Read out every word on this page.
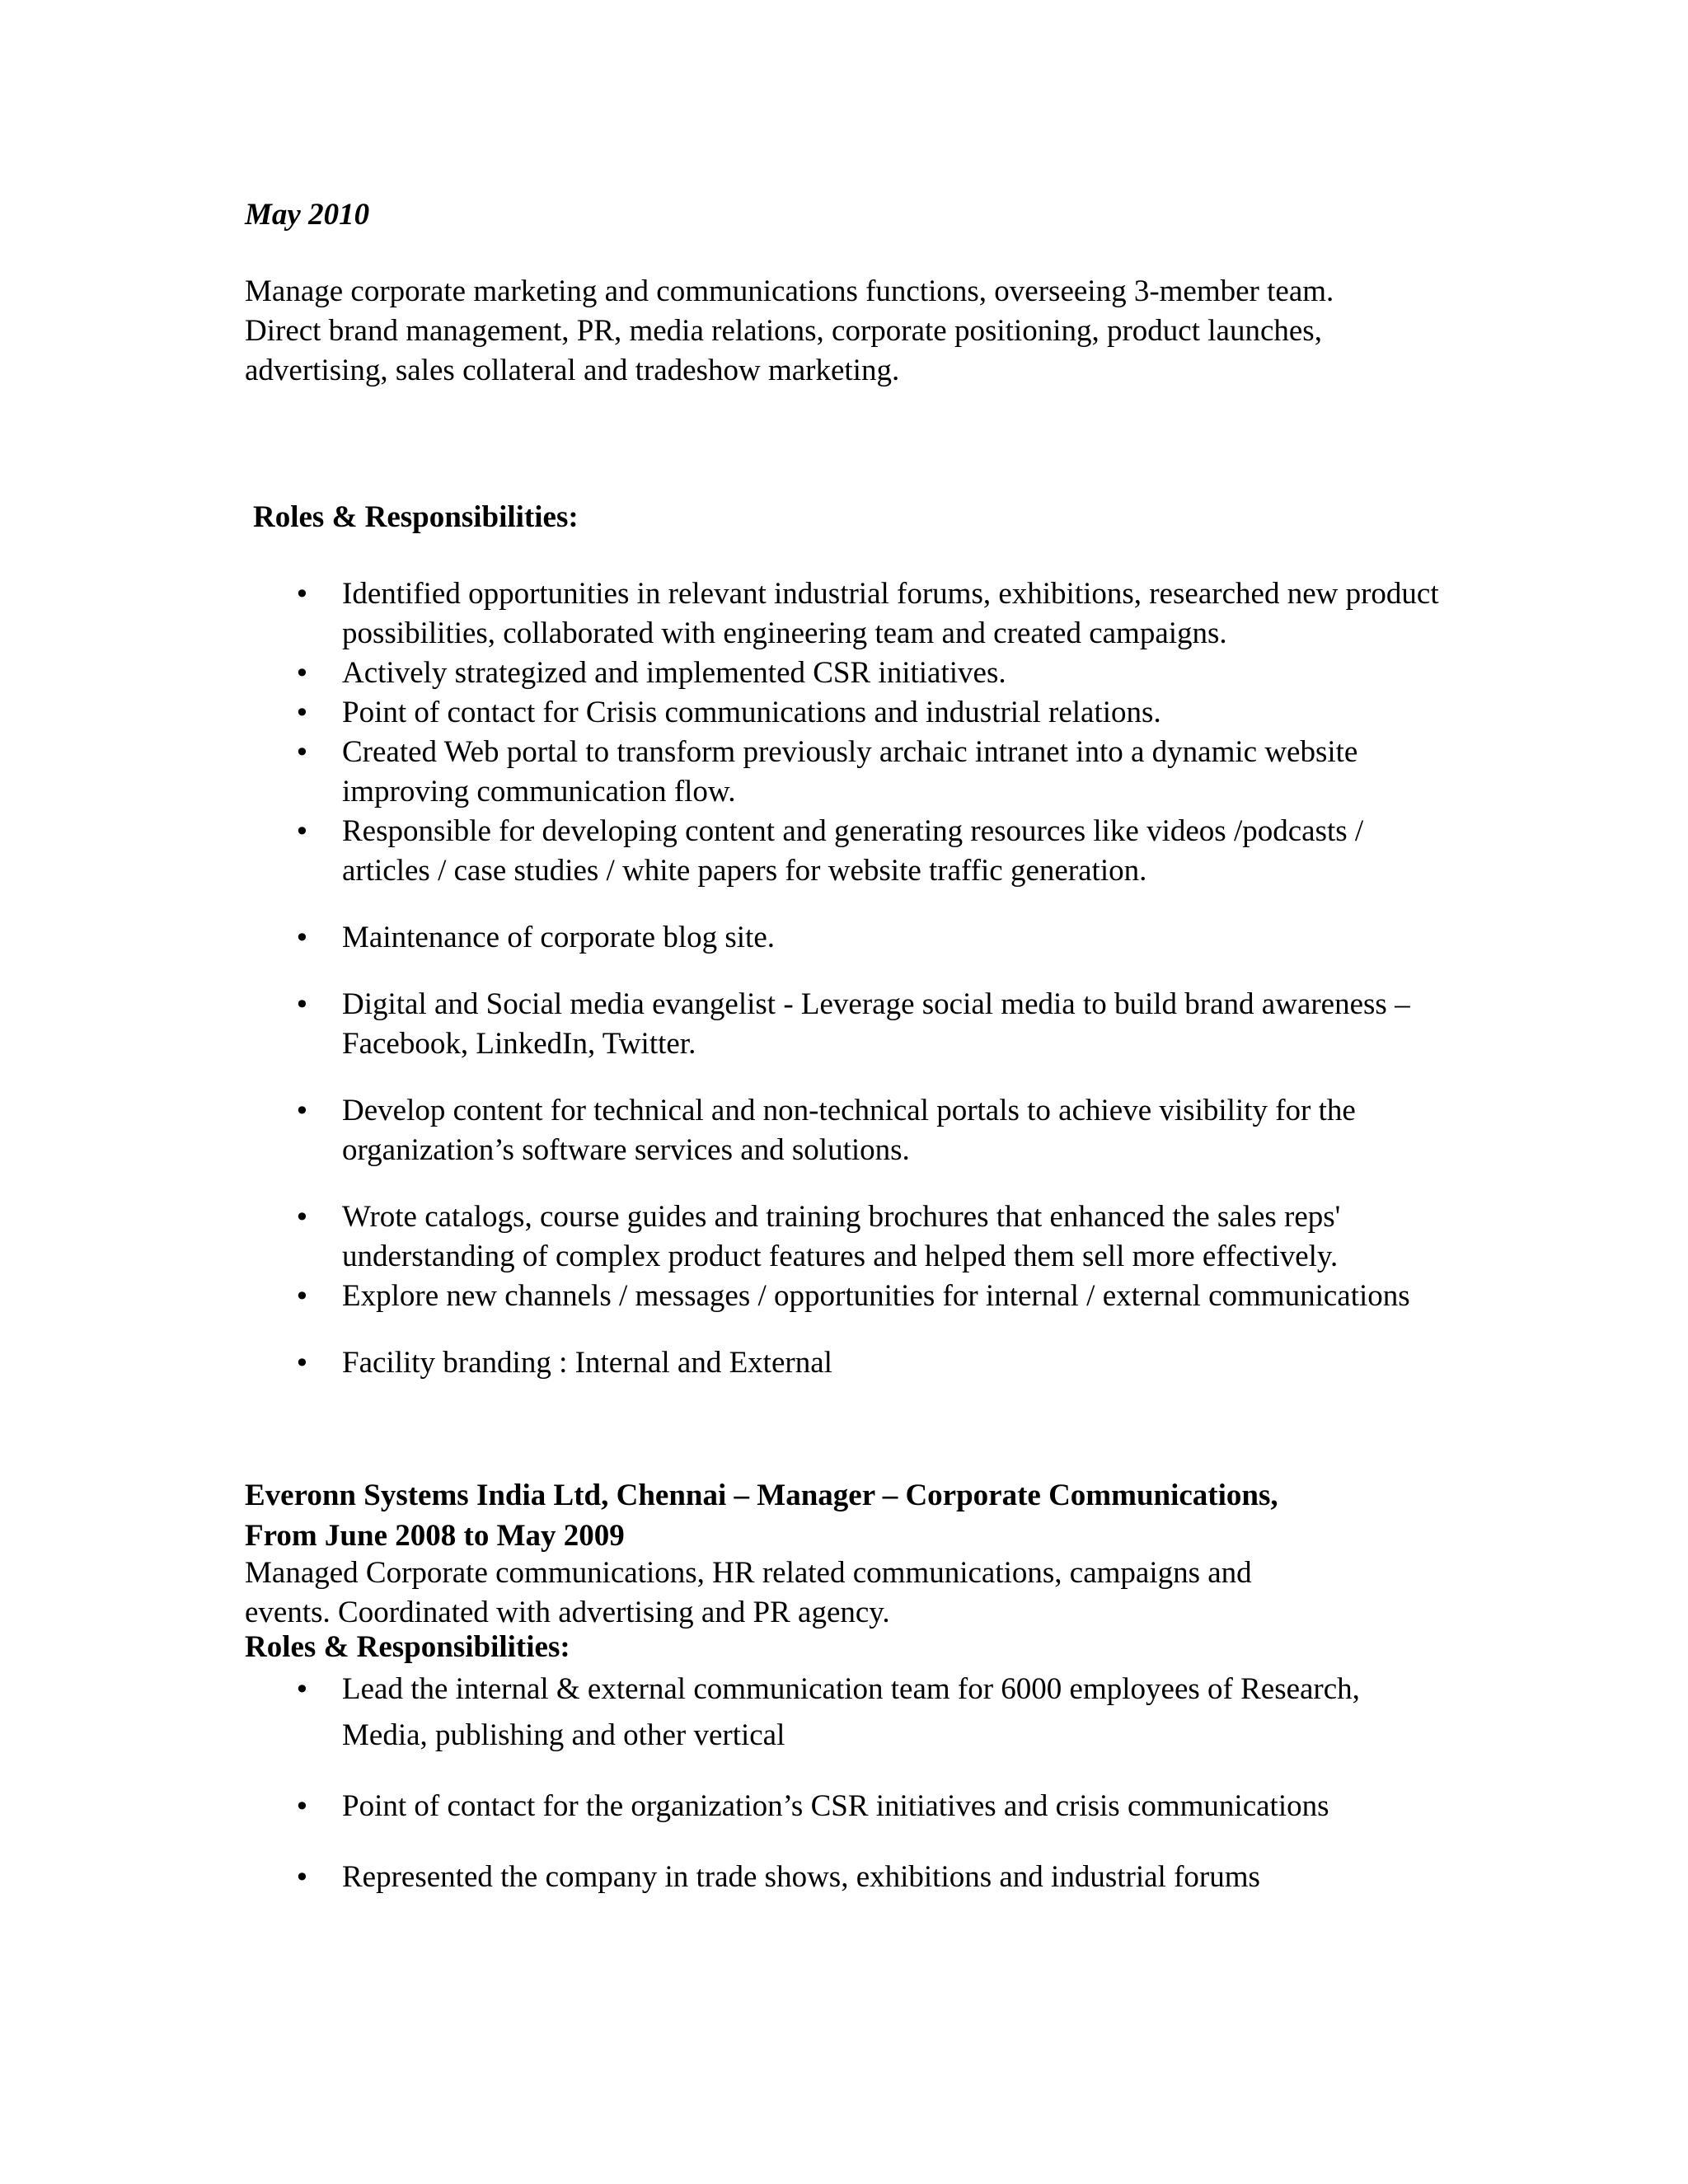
May 2010
Manage corporate marketing and communications functions, overseeing 3-member team.
Direct brand management, PR, media relations, corporate positioning, product launches,
advertising, sales collateral and tradeshow marketing.
Roles & Responsibilities:
• Identified opportunities in relevant industrial forums, exhibitions, researched new product possibilities, collaborated with engineering team and created campaigns.
• Actively strategized and implemented CSR initiatives.
• Point of contact for Crisis communications and industrial relations.
• Created Web portal to transform previously archaic intranet into a dynamic website improving communication flow.
• Responsible for developing content and generating resources like videos /podcasts / articles / case studies / white papers for website traffic generation.
• Maintenance of corporate blog site.
• Digital and Social media evangelist - Leverage social media to build brand awareness – Facebook, LinkedIn, Twitter.
• Develop content for technical and non-technical portals to achieve visibility for the organization’s software services and solutions.
• Wrote catalogs, course guides and training brochures that enhanced the sales reps' understanding of complex product features and helped them sell more effectively.
• Explore new channels / messages / opportunities for internal / external communications
• Facility branding : Internal and External
Everonn Systems India Ltd, Chennai – Manager – Corporate Communications,
From June 2008 to May 2009
Managed Corporate communications, HR related communications, campaigns and
events. Coordinated with advertising and PR agency.
Roles & Responsibilities:
• Lead the internal & external communication team for 6000 employees of Research, Media, publishing and other vertical
• Point of contact for the organization’s CSR initiatives and crisis communications
• Represented the company in trade shows, exhibitions and industrial forums
